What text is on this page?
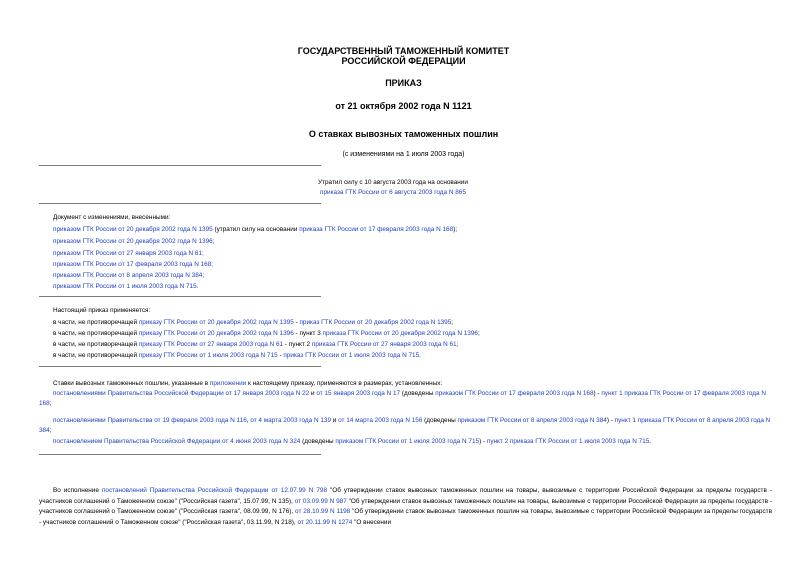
ГОСУДАРСТВЕННЫЙ ТАМОЖЕННЫЙ КОМИТЕТ
РОССИЙСКОЙ ФЕДЕРАЦИИ
ПРИКАЗ
от 21 октября 2002 года N 1121
О ставках вывозных таможенных пошлин
(с изменениями на 1 июля 2003 года)
Утратил силу с 10 августа 2003 года на основании
приказа ГТК России от 6 августа 2003 года N 865
Документ с изменениями, внесенными:
приказом ГТК России от 20 декабря 2002 года N 1395 (утратил силу на основании приказа ГТК России от 17 февраля 2003 года N 168);
приказом ГТК России от 20 декабря 2002 года N 1396;
приказом ГТК России от 27 января 2003 года N 61;
приказом ГТК России от 17 февраля 2003 года N 168;
приказом ГТК России от 8 апреля 2003 года N 384;
приказом ГТК России от 1 июля 2003 года N 715.
Настоящий приказ применяется:
в части, не противоречащей приказу ГТК России от 20 декабря 2002 года N 1395 - приказ ГТК России от 20 декабря 2002 года N 1395;
в части, не противоречащей приказу ГТК России от 20 декабря 2002 года N 1396 - пункт 3 приказа ГТК России от 20 декабря 2002 года N 1396;
в части, не противоречащей приказу ГТК России от 27 января 2003 года N 61 - пункт 2 приказа ГТК России от 27 января 2003 года N 61;
в части, не противоречащей приказу ГТК России от 1 июля 2003 года N 715 - приказ ГТК России от 1 июля 2003 года N 715.
Ставки вывозных таможенных пошлин, указанные в приложении к настоящему приказу, применяются в размерах, установленных:
постановлениями Правительства Российской Федерации от 17 января 2003 года N 22 и от 15 января 2003 года N 17 (доведены приказом ГТК России от 17 февраля 2003 года N 168) - пункт 1 приказа ГТК России от 17 февраля 2003 года N 168;
постановлениями Правительства от 19 февраля 2003 года N 116, от 4 марта 2003 года N 139 и от 14 марта 2003 года N 156 (доведены приказом ГТК России от 8 апреля 2003 года N 384) - пункт 1 приказа ГТК России от 8 апреля 2003 года N 384;
постановлением Правительства Российской Федерации от 4 июня 2003 года N 324 (доведены приказом ГТК России от 1 июля 2003 года N 715) - пункт 2 приказа ГТК России от 1 июля 2003 года N 715.
Во исполнение постановлений Правительства Российской Федерации от 12.07.99 N 798 "Об утверждении ставок вывозных таможенных пошлин на товары, вывозимые с территории Российской Федерации за пределы государств - участников соглашений о Таможенном союзе" ("Российская газета", 15.07.99, N 135), от 03.09.99 N 987 "Об утверждении ставок вывозных таможенных пошлин на товары, вывозимые с территории Российской Федерации за пределы государств - участников соглашений о Таможенном союзе" ("Российская газета", 08.09.99, N 176), от 28.10.99 N 1198 "Об утверждении ставок вывозных таможенных пошлин на товары, вывозимые с территории Российской Федерации за пределы государств - участников соглашений о Таможенном союзе" ("Российская газета", 03.11.99, N 218), от 20.11.99 N 1274 "О внесении
